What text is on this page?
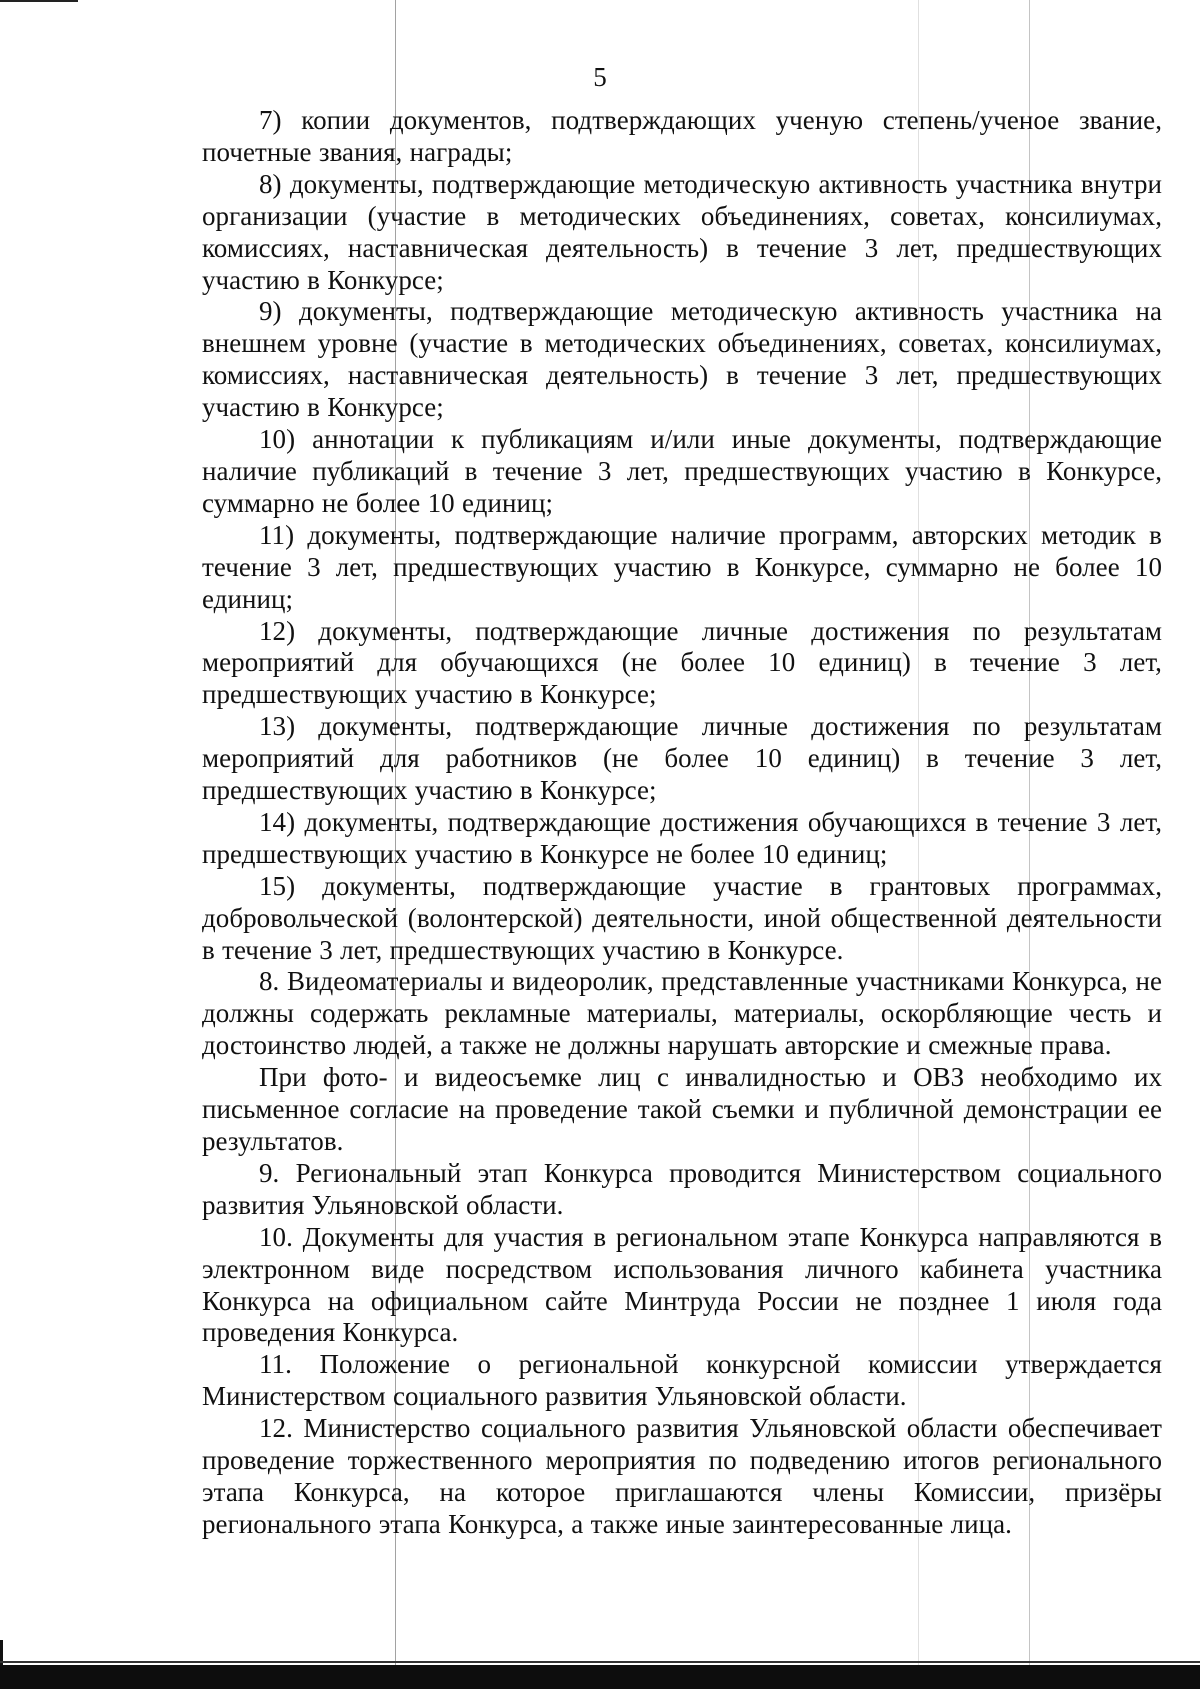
5

7) копии документов, подтверждающих ученую степень/ученое звание, почетные звания, награды;

8) документы, подтверждающие методическую активность участника внутри организации (участие в методических объединениях, советах, консилиумах, комиссиях, наставническая деятельность) в течение 3 лет, предшествующих участию в Конкурсе;

9) документы, подтверждающие методическую активность участника на внешнем уровне (участие в методических объединениях, советах, консилиумах, комиссиях, наставническая деятельность) в течение 3 лет, предшествующих участию в Конкурсе;

10) аннотации к публикациям и/или иные документы, подтверждающие наличие публикаций в течение 3 лет, предшествующих участию в Конкурсе, суммарно не более 10 единиц;

11) документы, подтверждающие наличие программ, авторских методик в течение 3 лет, предшествующих участию в Конкурсе, суммарно не более 10 единиц;

12) документы, подтверждающие личные достижения по результатам мероприятий для обучающихся (не более 10 единиц) в течение 3 лет, предшествующих участию в Конкурсе;

13) документы, подтверждающие личные достижения по результатам мероприятий для работников (не более 10 единиц) в течение 3 лет, предшествующих участию в Конкурсе;

14) документы, подтверждающие достижения обучающихся в течение 3 лет, предшествующих участию в Конкурсе не более 10 единиц;

15) документы, подтверждающие участие в грантовых программах, добровольческой (волонтерской) деятельности, иной общественной деятельности в течение 3 лет, предшествующих участию в Конкурсе.

8. Видеоматериалы и видеоролик, представленные участниками Конкурса, не должны содержать рекламные материалы, материалы, оскорбляющие честь и достоинство людей, а также не должны нарушать авторские и смежные права.

При фото- и видеосъемке лиц с инвалидностью и ОВЗ необходимо их письменное согласие на проведение такой съемки и публичной демонстрации ее результатов.

9. Региональный этап Конкурса проводится Министерством социального развития Ульяновской области.

10. Документы для участия в региональном этапе Конкурса направляются в электронном виде посредством использования личного кабинета участника Конкурса на официальном сайте Минтруда России не позднее 1 июля года проведения Конкурса.

11. Положение о региональной конкурсной комиссии утверждается Министерством социального развития Ульяновской области.

12. Министерство социального развития Ульяновской области обеспечивает проведение торжественного мероприятия по подведению итогов регионального этапа Конкурса, на которое приглашаются члены Комиссии, призёры регионального этапа Конкурса, а также иные заинтересованные лица.
